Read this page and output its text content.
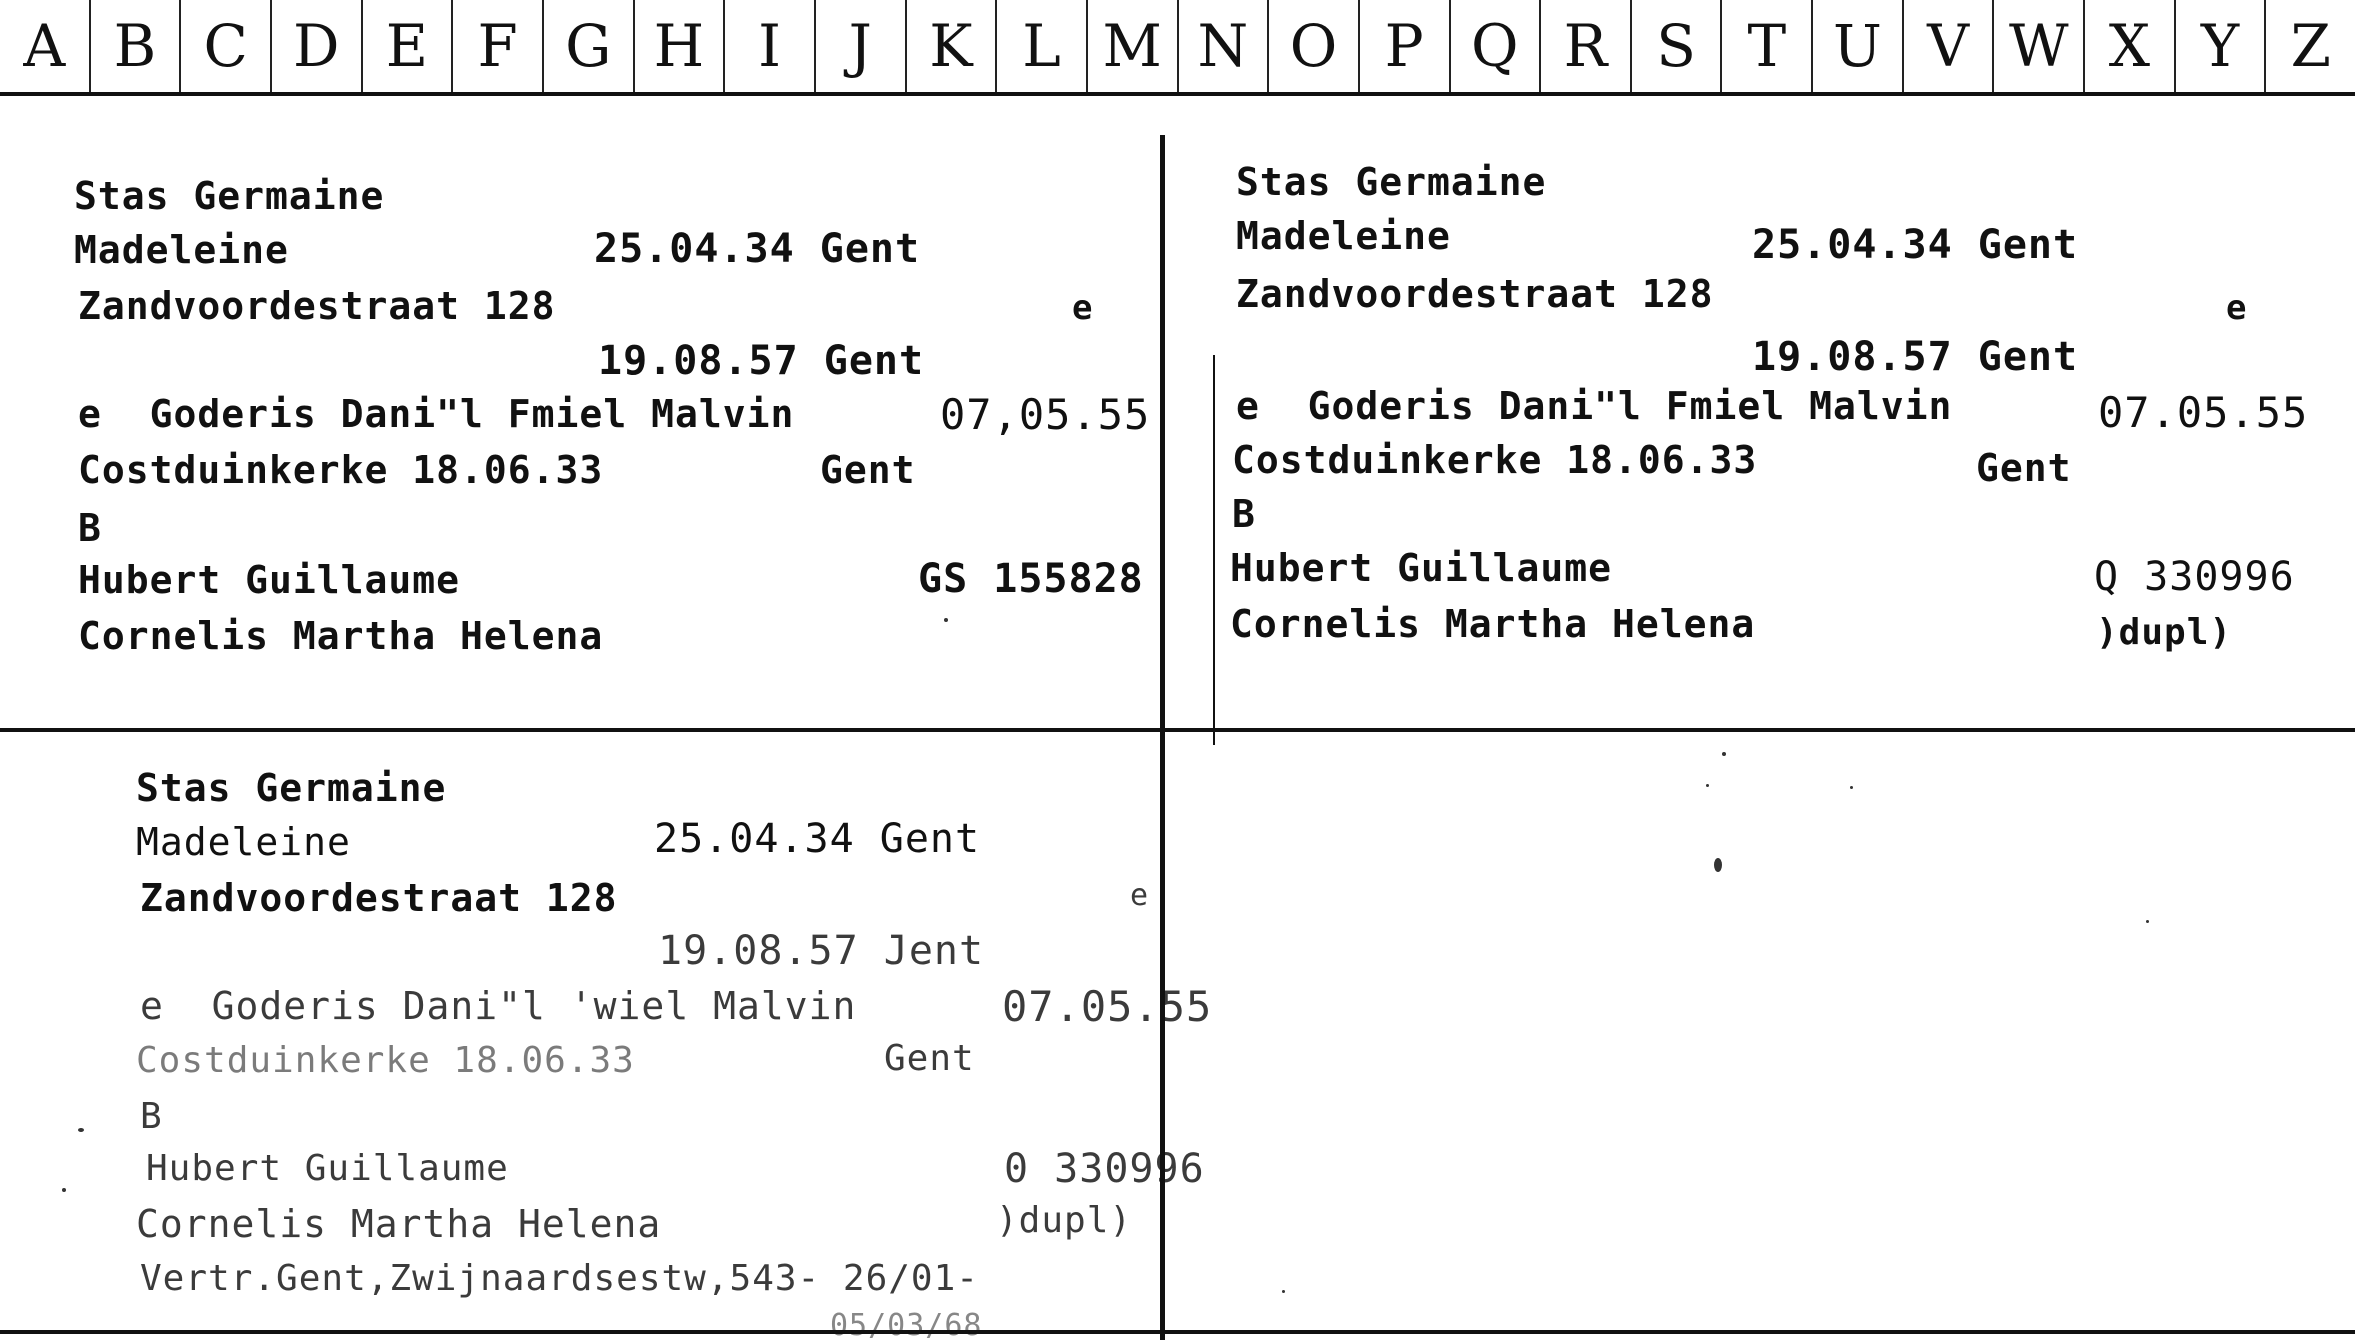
A B C D E F G H I	J K L M N O P Q R S T U V W X Y Z
Stas Germaine
Madeleine	25.04.34 Gent
Zandvoordestraat 128	e
19.08.57 Gent
e  Goderis Dani"l Fmiel Malvin	07,05.55
Costduinkerke 18.06.33	Gent
B
Hubert Guillaume	GS 155828
Cornelis Martha Helena
Stas Germaine
Madeleine	25.04.34 Gent
Zandvoordestraat 128	e
19.08.57 Gent
e  Goderis Dani"l Fmiel Malvin	07.05.55
Costduinkerke 18.06.33	Gent
B
Hubert Guillaume	Q 330996
Cornelis Martha Helena	)dupl)
Stas Germaine
Madeleine	25.04.34 Gent
Zandvoordestraat 128	e
19.08.57 Jent
e  Goderis Dani"l 'wiel Malvin	07.05.55
Costduinkerke 18.06.33	Gent
B
Hubert Guillaume	0 330996
Cornelis Martha Helena	)dupl)
Vertr.Gent,Zwijnaardsestw,543- 26/01-
05/03/68
